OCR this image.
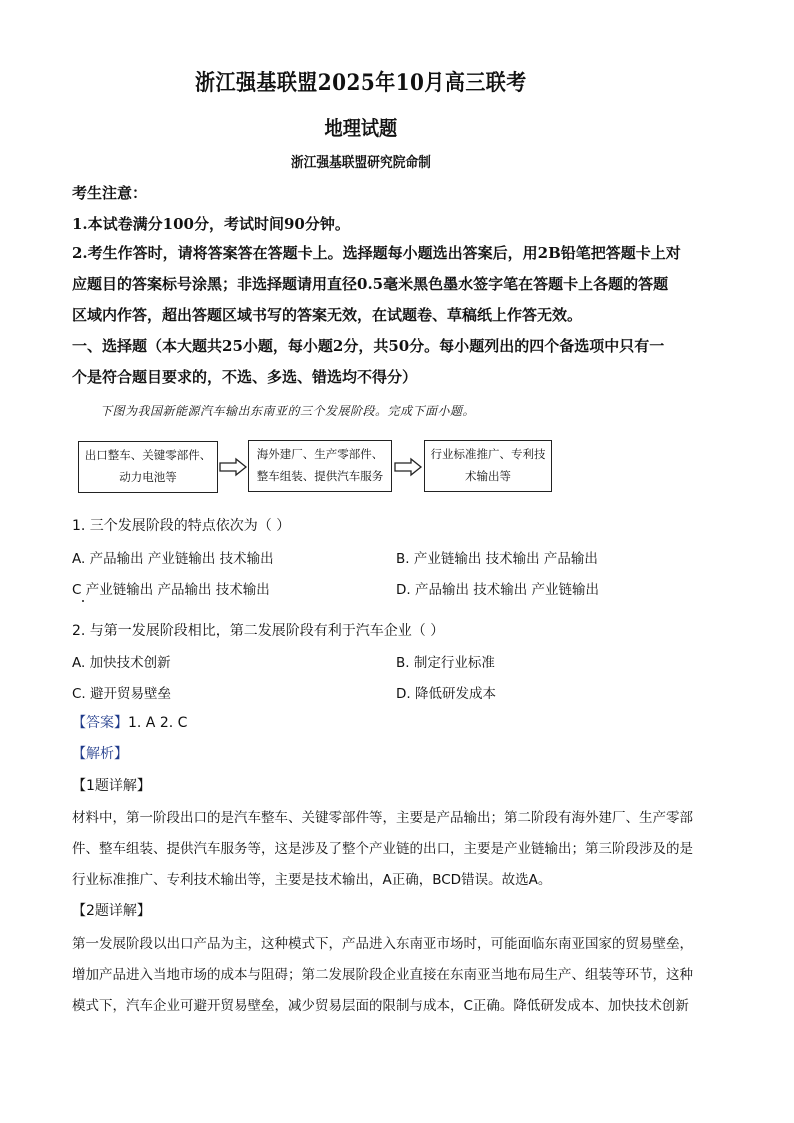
浙江强基联盟2025年10月高三联考
地理试题
浙江强基联盟研究院命制
考生注意：
1.本试卷满分100分，考试时间90分钟。
2.考生作答时，请将答案答在答题卡上。选择题每小题选出答案后，用2B铅笔把答题卡上对
应题目的答案标号涂黑；非选择题请用直径0.5毫米黑色墨水签字笔在答题卡上各题的答题
区域内作答，超出答题区域书写的答案无效，在试题卷、草稿纸上作答无效。
一、选择题（本大题共25小题，每小题2分，共50分。每小题列出的四个备选项中只有一
个是符合题目要求的，不选、多选、错选均不得分）
下图为我国新能源汽车输出东南亚的三个发展阶段。完成下面小题。
出口整车、关键零部件、
动力电池等
海外建厂、生产零部件、
整车组装、提供汽车服务
行业标准推广、专利技
术输出等
1. 三个发展阶段的特点依次为（ ）
A. 产品输出 产业链输出 技术输出	B. 产业链输出 技术输出 产品输出
C 产业链输出 产品输出 技术输出	D. 产品输出 技术输出 产业链输出
2. 与第一发展阶段相比，第二发展阶段有利于汽车企业（ ）
A. 加快技术创新	B. 制定行业标准
C. 避开贸易壁垒	D. 降低研发成本
【答案】1. A 2. C
【解析】
【1题详解】
材料中，第一阶段出口的是汽车整车、关键零部件等，主要是产品输出；第二阶段有海外建厂、生产零部
件、整车组装、提供汽车服务等，这是涉及了整个产业链的出口，主要是产业链输出；第三阶段涉及的是
行业标准推广、专利技术输出等，主要是技术输出，A正确，BCD错误。故选A。
【2题详解】
第一发展阶段以出口产品为主，这种模式下，产品进入东南亚市场时，可能面临东南亚国家的贸易壁垒，
增加产品进入当地市场的成本与阻碍；第二发展阶段企业直接在东南亚当地布局生产、组装等环节，这种
模式下，汽车企业可避开贸易壁垒，减少贸易层面的限制与成本，C正确。降低研发成本、加快技术创新
